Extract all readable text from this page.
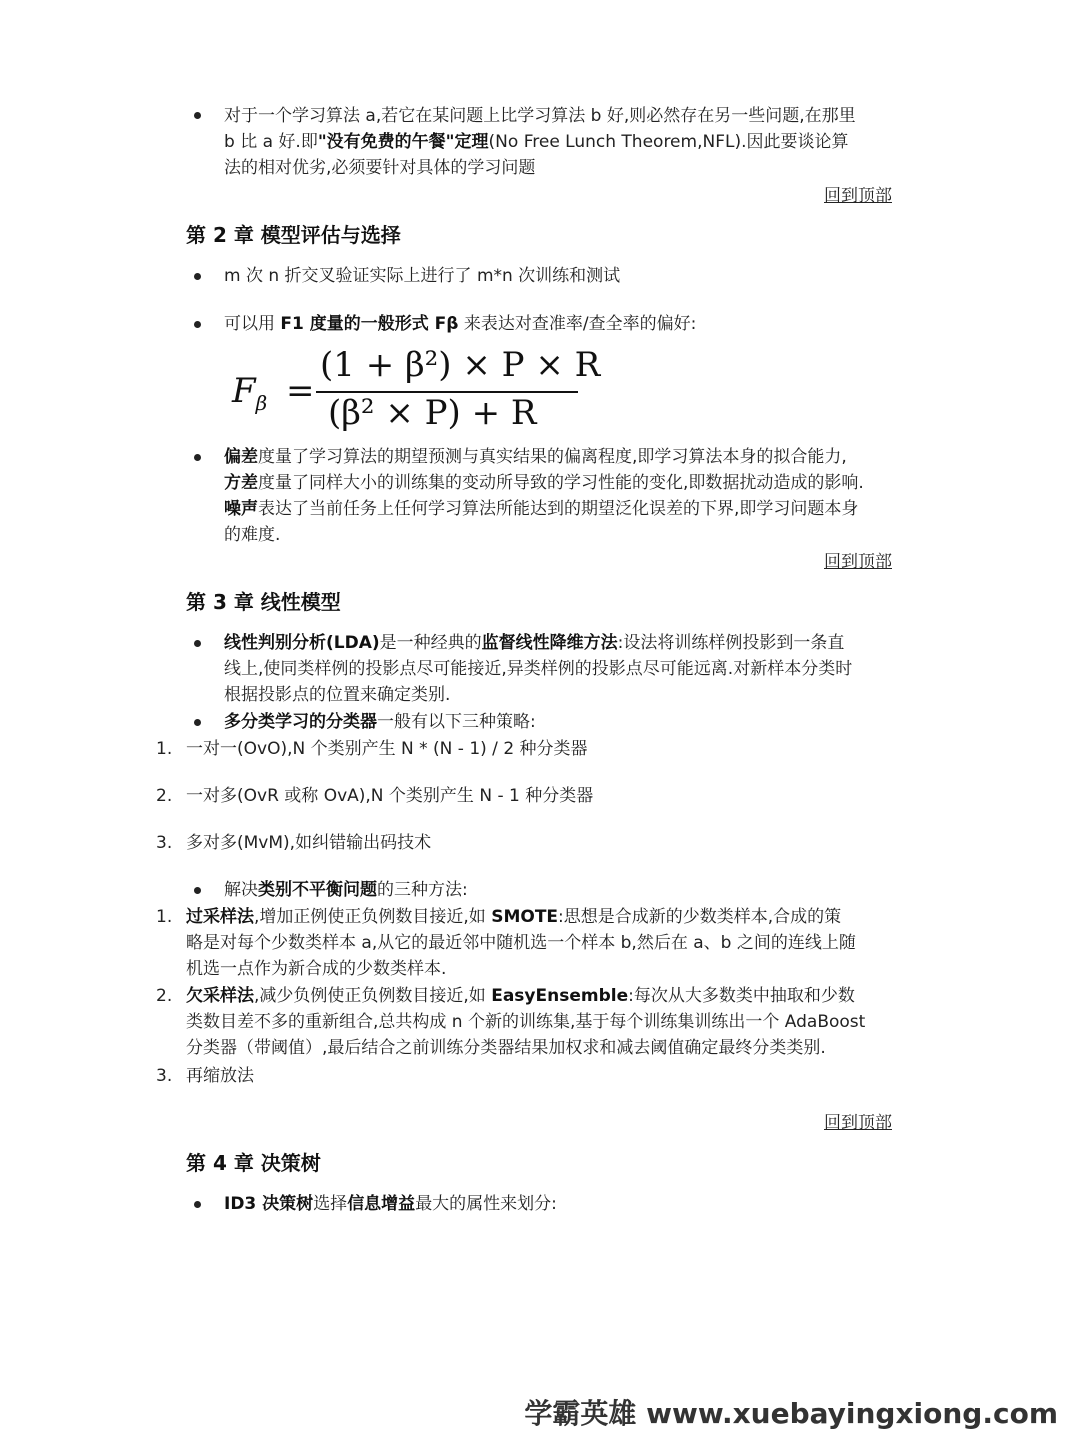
对于一个学习算法 a,若它在某问题上比学习算法 b 好,则必然存在另一些问题,在那里
b 比 a 好.即"没有免费的午餐"定理(No Free Lunch Theorem,NFL).因此要谈论算
法的相对优劣,必须要针对具体的学习问题
回到顶部
第 2 章 模型评估与选择
m 次 n 折交叉验证实际上进行了 m*n 次训练和测试
可以用 F1 度量的一般形式 Fβ 来表达对查准率/查全率的偏好:
$F_\beta$ =
(1 + β²) × P × R
(β² × P) + R
偏差度量了学习算法的期望预测与真实结果的偏离程度,即学习算法本身的拟合能力,
方差度量了同样大小的训练集的变动所导致的学习性能的变化,即数据扰动造成的影响.
噪声表达了当前任务上任何学习算法所能达到的期望泛化误差的下界,即学习问题本身
的难度.
回到顶部
第 3 章 线性模型
线性判别分析(LDA)是一种经典的监督线性降维方法:设法将训练样例投影到一条直
线上,使同类样例的投影点尽可能接近,异类样例的投影点尽可能远离.对新样本分类时
根据投影点的位置来确定类别.
多分类学习的分类器一般有以下三种策略:
1. 一对一(OvO),N 个类别产生 N * (N - 1) / 2 种分类器
2. 一对多(OvR 或称 OvA),N 个类别产生 N - 1 种分类器
3. 多对多(MvM),如纠错输出码技术
解决类别不平衡问题的三种方法:
1. 过采样法,增加正例使正负例数目接近,如 SMOTE:思想是合成新的少数类样本,合成的策
略是对每个少数类样本 a,从它的最近邻中随机选一个样本 b,然后在 a、b 之间的连线上随
机选一点作为新合成的少数类样本.
2. 欠采样法,减少负例使正负例数目接近,如 EasyEnsemble:每次从大多数类中抽取和少数
类数目差不多的重新组合,总共构成 n 个新的训练集,基于每个训练集训练出一个 AdaBoost
分类器（带阈值）,最后结合之前训练分类器结果加权求和减去阈值确定最终分类类别.
3. 再缩放法
回到顶部
第 4 章 决策树
ID3 决策树选择信息增益最大的属性来划分:
学霸英雄 www.xuebayingxiong.com
